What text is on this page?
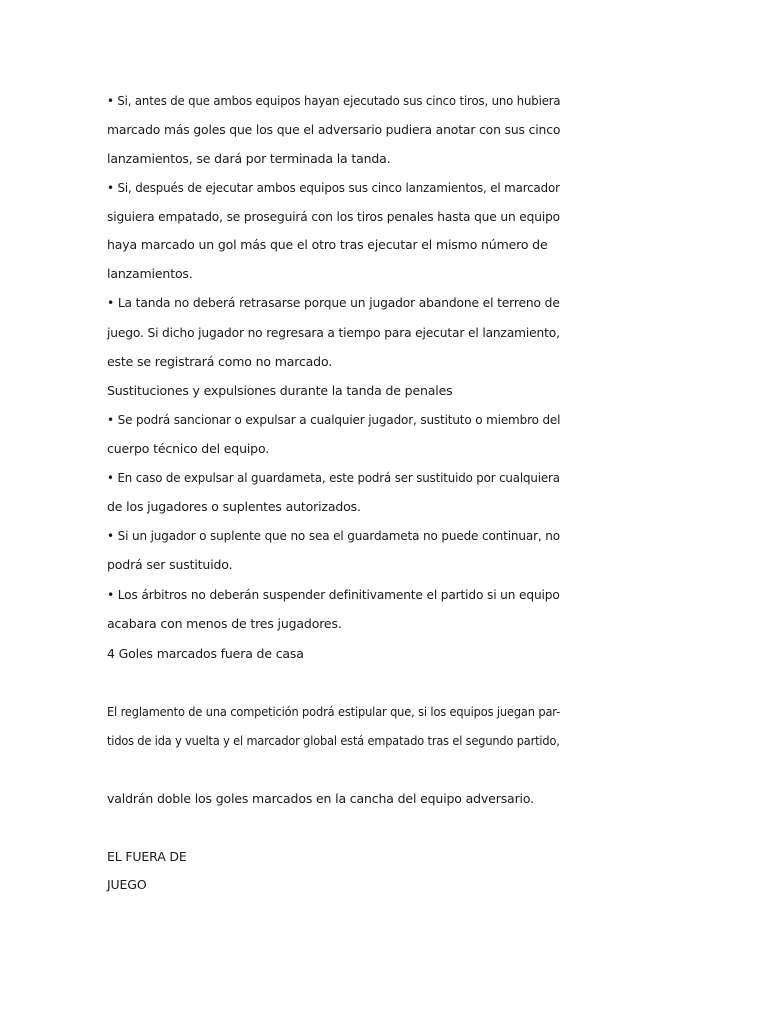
• Si, antes de que ambos equipos hayan ejecutado sus cinco tiros, uno hubiera

marcado más goles que los que el adversario pudiera anotar con sus cinco

lanzamientos, se dará por terminada la tanda.

• Si, después de ejecutar ambos equipos sus cinco lanzamientos, el marcador

siguiera empatado, se proseguirá con los tiros penales hasta que un equipo

haya marcado un gol más que el otro tras ejecutar el mismo número de

lanzamientos.

• La tanda no deberá retrasarse porque un jugador abandone el terreno de

juego. Si dicho jugador no regresara a tiempo para ejecutar el lanzamiento,

este se registrará como no marcado.

Sustituciones y expulsiones durante la tanda de penales

• Se podrá sancionar o expulsar a cualquier jugador, sustituto o miembro del

cuerpo técnico del equipo.

• En caso de expulsar al guardameta, este podrá ser sustituido por cualquiera

de los jugadores o suplentes autorizados.

• Si un jugador o suplente que no sea el guardameta no puede continuar, no

podrá ser sustituido.

• Los árbitros no deberán suspender definitivamente el partido si un equipo

acabara con menos de tres jugadores.

4 Goles marcados fuera de casa

El reglamento de una competición podrá estipular que, si los equipos juegan par-

tidos de ida y vuelta y el marcador global está empatado tras el segundo partido,

valdrán doble los goles marcados en la cancha del equipo adversario.

EL FUERA DE

JUEGO
